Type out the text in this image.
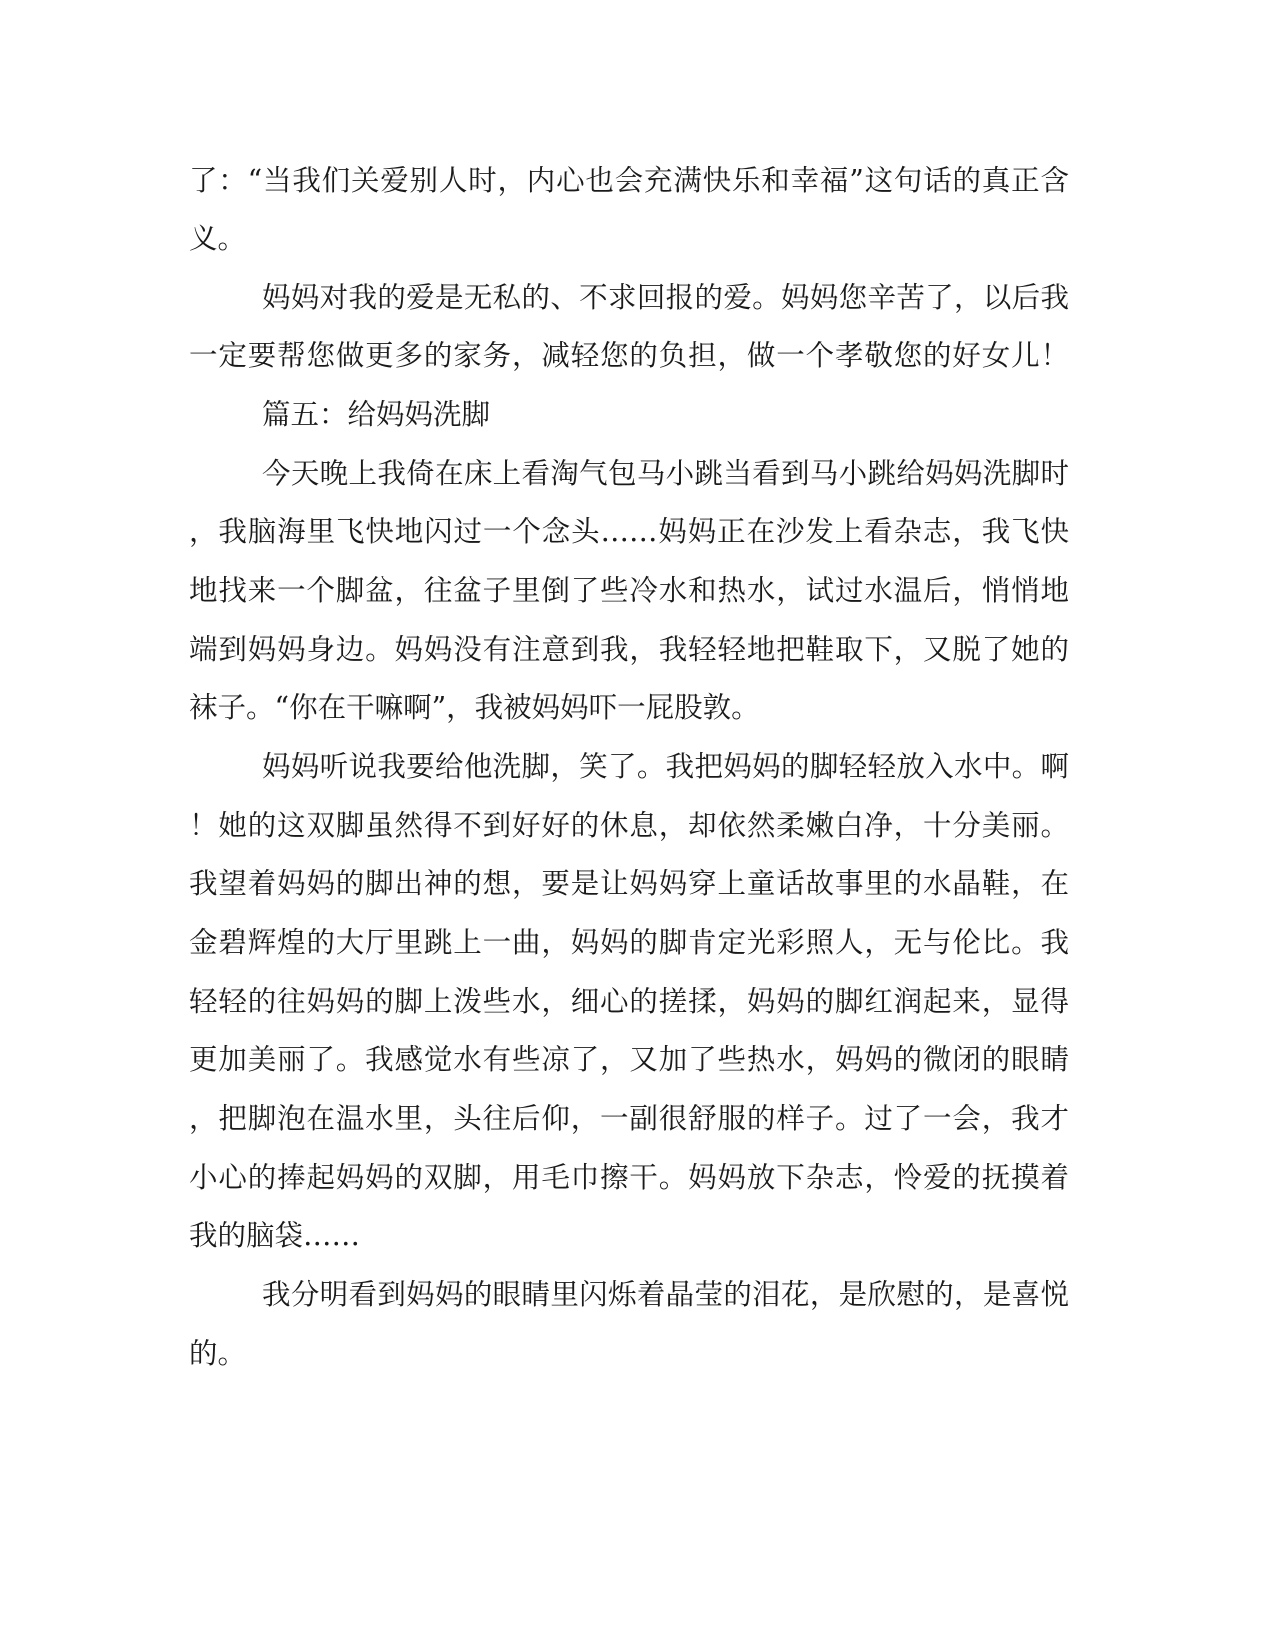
了：“当我们关爱别人时，内心也会充满快乐和幸福”这句话的真正含
义。
妈妈对我的爱是无私的、不求回报的爱。妈妈您辛苦了，以后我
一定要帮您做更多的家务，减轻您的负担，做一个孝敬您的好女儿！
篇五：给妈妈洗脚
今天晚上我倚在床上看淘气包马小跳当看到马小跳给妈妈洗脚时
，我脑海里飞快地闪过一个念头……妈妈正在沙发上看杂志，我飞快
地找来一个脚盆，往盆子里倒了些冷水和热水，试过水温后，悄悄地
端到妈妈身边。妈妈没有注意到我，我轻轻地把鞋取下，又脱了她的
袜子。“你在干嘛啊”，我被妈妈吓一屁股敦。
妈妈听说我要给他洗脚，笑了。我把妈妈的脚轻轻放入水中。啊
！她的这双脚虽然得不到好好的休息，却依然柔嫩白净，十分美丽。
我望着妈妈的脚出神的想，要是让妈妈穿上童话故事里的水晶鞋，在
金碧辉煌的大厅里跳上一曲，妈妈的脚肯定光彩照人，无与伦比。我
轻轻的往妈妈的脚上泼些水，细心的搓揉，妈妈的脚红润起来，显得
更加美丽了。我感觉水有些凉了，又加了些热水，妈妈的微闭的眼睛
，把脚泡在温水里，头往后仰，一副很舒服的样子。过了一会，我才
小心的捧起妈妈的双脚，用毛巾擦干。妈妈放下杂志，怜爱的抚摸着
我的脑袋……
我分明看到妈妈的眼睛里闪烁着晶莹的泪花，是欣慰的，是喜悦
的。
